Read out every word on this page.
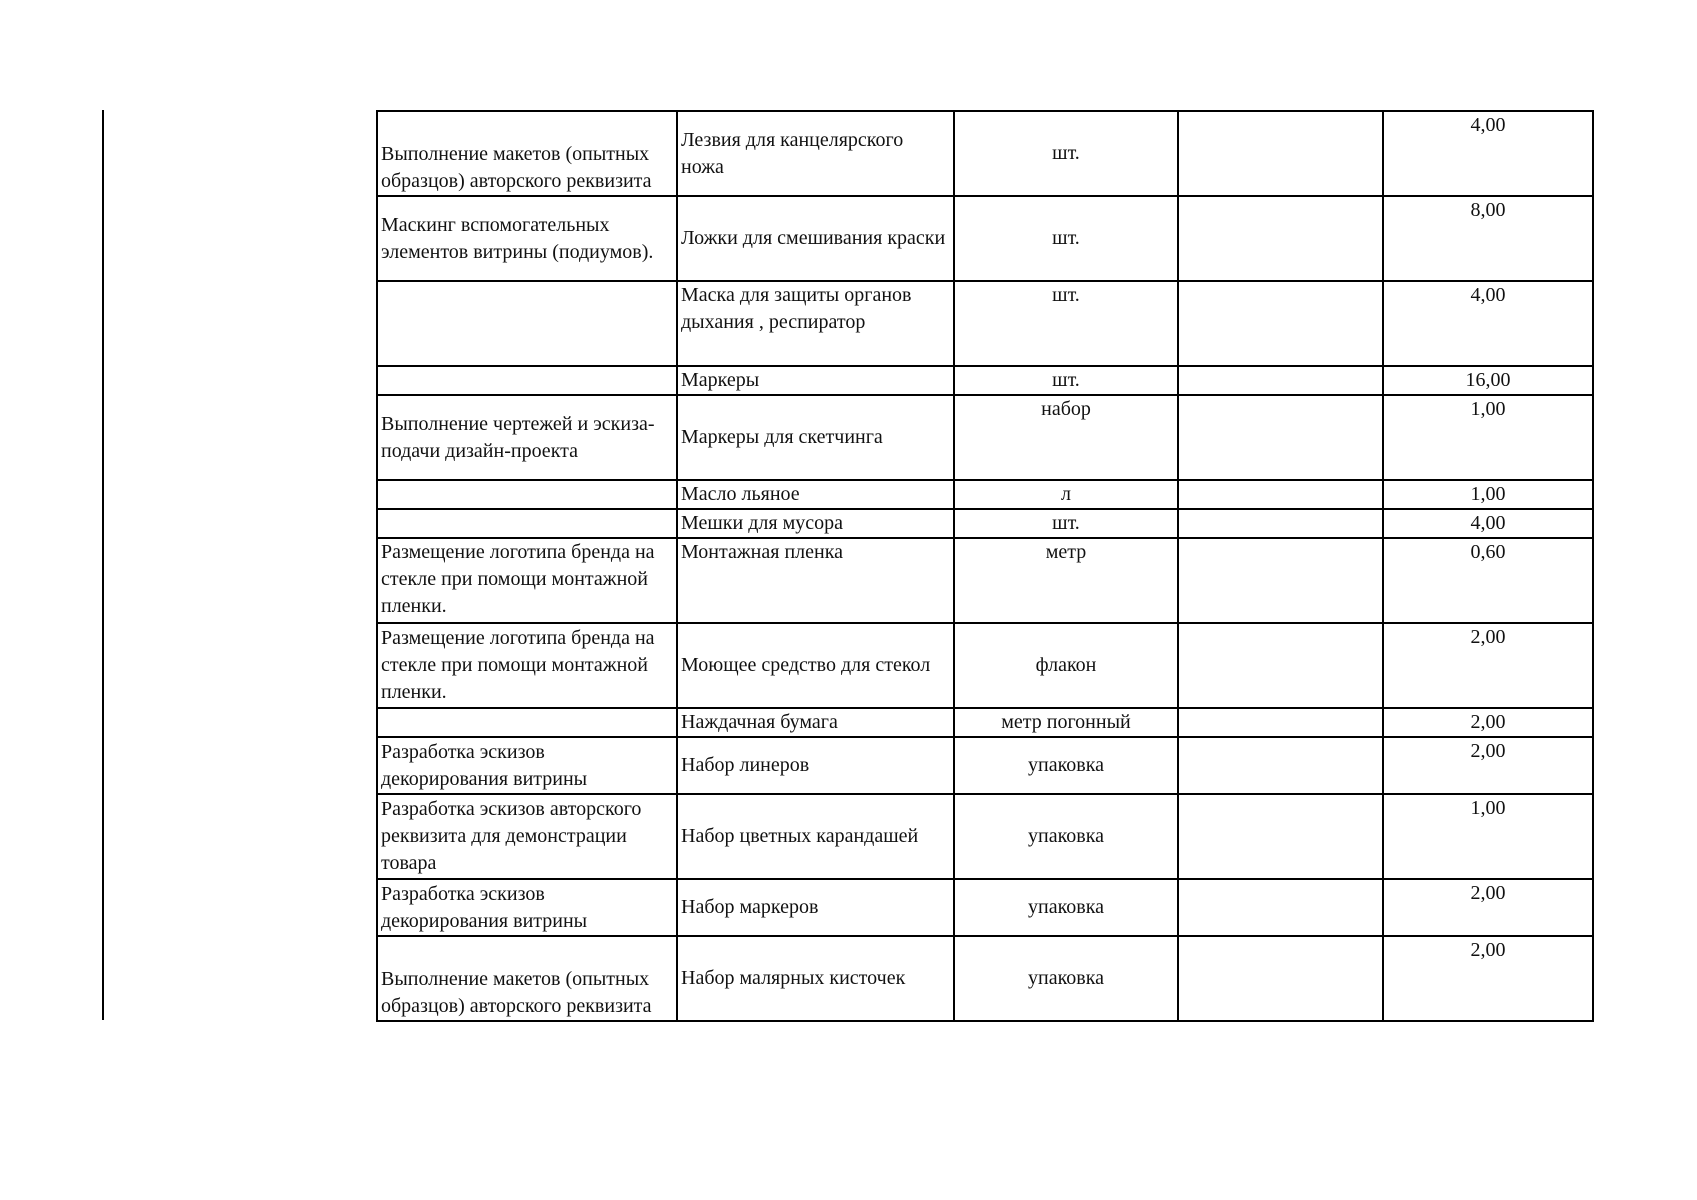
Выполнение макетов (опытных образцов) авторского реквизита	Лезвия для канцелярского ножа	шт.		4,00
Маскинг вспомогательных элементов витрины (подиумов).	Ложки для смешивания краски	шт.		8,00
	Маска для защиты органов дыхания , респиратор	шт.		4,00
	Маркеры	шт.		16,00
Выполнение чертежей и эскиза-подачи дизайн-проекта	Маркеры для скетчинга	набор		1,00
	Масло льяное	л		1,00
	Мешки для мусора	шт.		4,00
Размещение логотипа бренда на стекле при помощи монтажной пленки.	Монтажная пленка	метр		0,60
Размещение логотипа бренда на стекле при помощи монтажной пленки.	Моющее средство для стекол	флакон		2,00
	Наждачная бумага	метр погонный		2,00
Разработка эскизов декорирования витрины	Набор линеров	упаковка		2,00
Разработка эскизов авторского реквизита для демонстрации товара	Набор цветных карандашей	упаковка		1,00
Разработка эскизов декорирования витрины	Набор маркеров	упаковка		2,00
Выполнение макетов (опытных образцов) авторского реквизита	Набор малярных кисточек	упаковка		2,00
